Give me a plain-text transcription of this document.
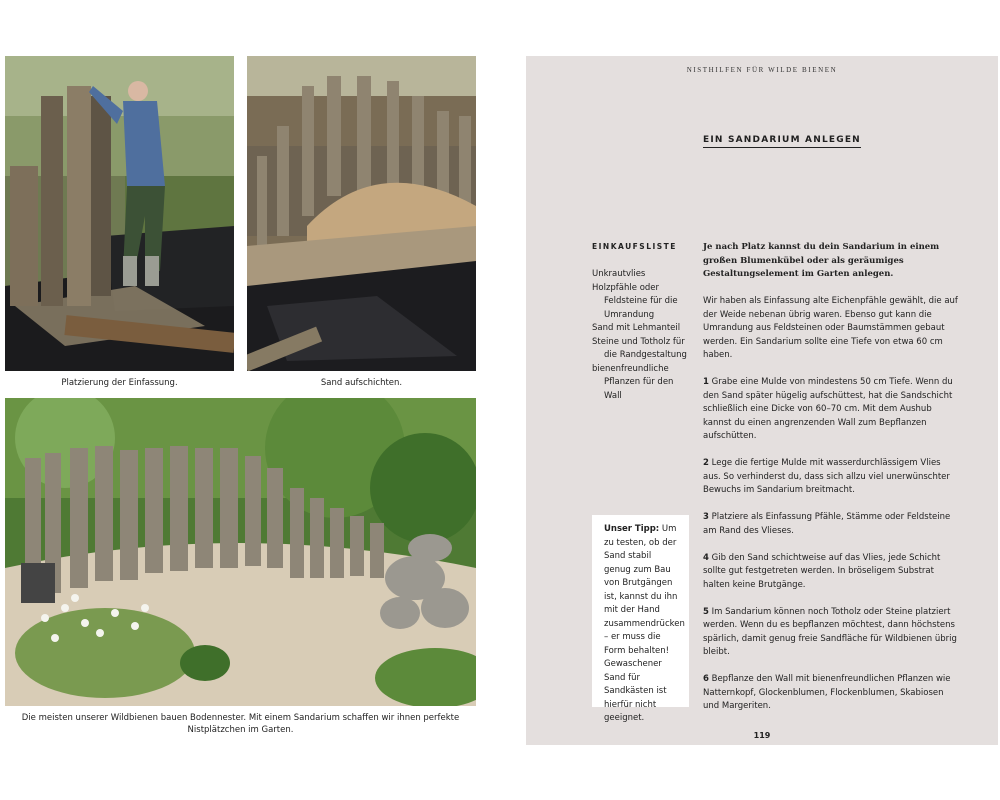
Platzierung der Einfassung.	Sand aufschichten.
Die meisten unserer Wildbienen bauen Bodennester. Mit einem Sandarium schaffen wir ihnen perfekte Nistplätzchen im Garten.
NISTHILFEN FÜR WILDE BIENEN
EIN SANDARIUM ANLEGEN
EINKAUFSLISTE
Unkrautvlies
Holzpfähle oder Feldsteine für die Umrandung
Sand mit Lehmanteil
Steine und Totholz für die Randgestaltung
bienenfreundliche Pflanzen für den Wall
Unser Tipp: Um zu testen, ob der Sand stabil genug zum Bau von Brutgängen ist, kannst du ihn mit der Hand zusammendrücken – er muss die Form behalten! Gewaschener Sand für Sandkästen ist hierfür nicht geeignet.

Je nach Platz kannst du dein Sandarium in einem großen Blumenkübel oder als geräumiges Gestaltungselement im Garten anlegen.

Wir haben als Einfassung alte Eichenpfähle gewählt, die auf der Weide nebenan übrig waren. Ebenso gut kann die Umrandung aus Feldsteinen oder Baumstämmen gebaut werden. Ein Sandarium sollte eine Tiefe von etwa 60 cm haben.

1 Grabe eine Mulde von mindestens 50 cm Tiefe. Wenn du den Sand später hügelig aufschüttest, hat die Sandschicht schließlich eine Dicke von 60–70 cm. Mit dem Aushub kannst du einen angrenzenden Wall zum Bepflanzen aufschütten.

2 Lege die fertige Mulde mit wasserdurchlässigem Vlies aus. So verhinderst du, dass sich allzu viel unerwünschter Bewuchs im Sandarium breitmacht.

3 Platziere als Einfassung Pfähle, Stämme oder Feldsteine am Rand des Vlieses.

4 Gib den Sand schichtweise auf das Vlies, jede Schicht sollte gut festgetreten werden. In bröseligem Substrat halten keine Brutgänge.

5 Im Sandarium können noch Totholz oder Steine platziert werden. Wenn du es bepflanzen möchtest, dann höchstens spärlich, damit genug freie Sandfläche für Wildbienen übrig bleibt.

6 Bepflanze den Wall mit bienenfreundlichen Pflanzen wie Natternkopf, Glockenblumen, Flockenblumen, Skabiosen und Margeriten.

119
